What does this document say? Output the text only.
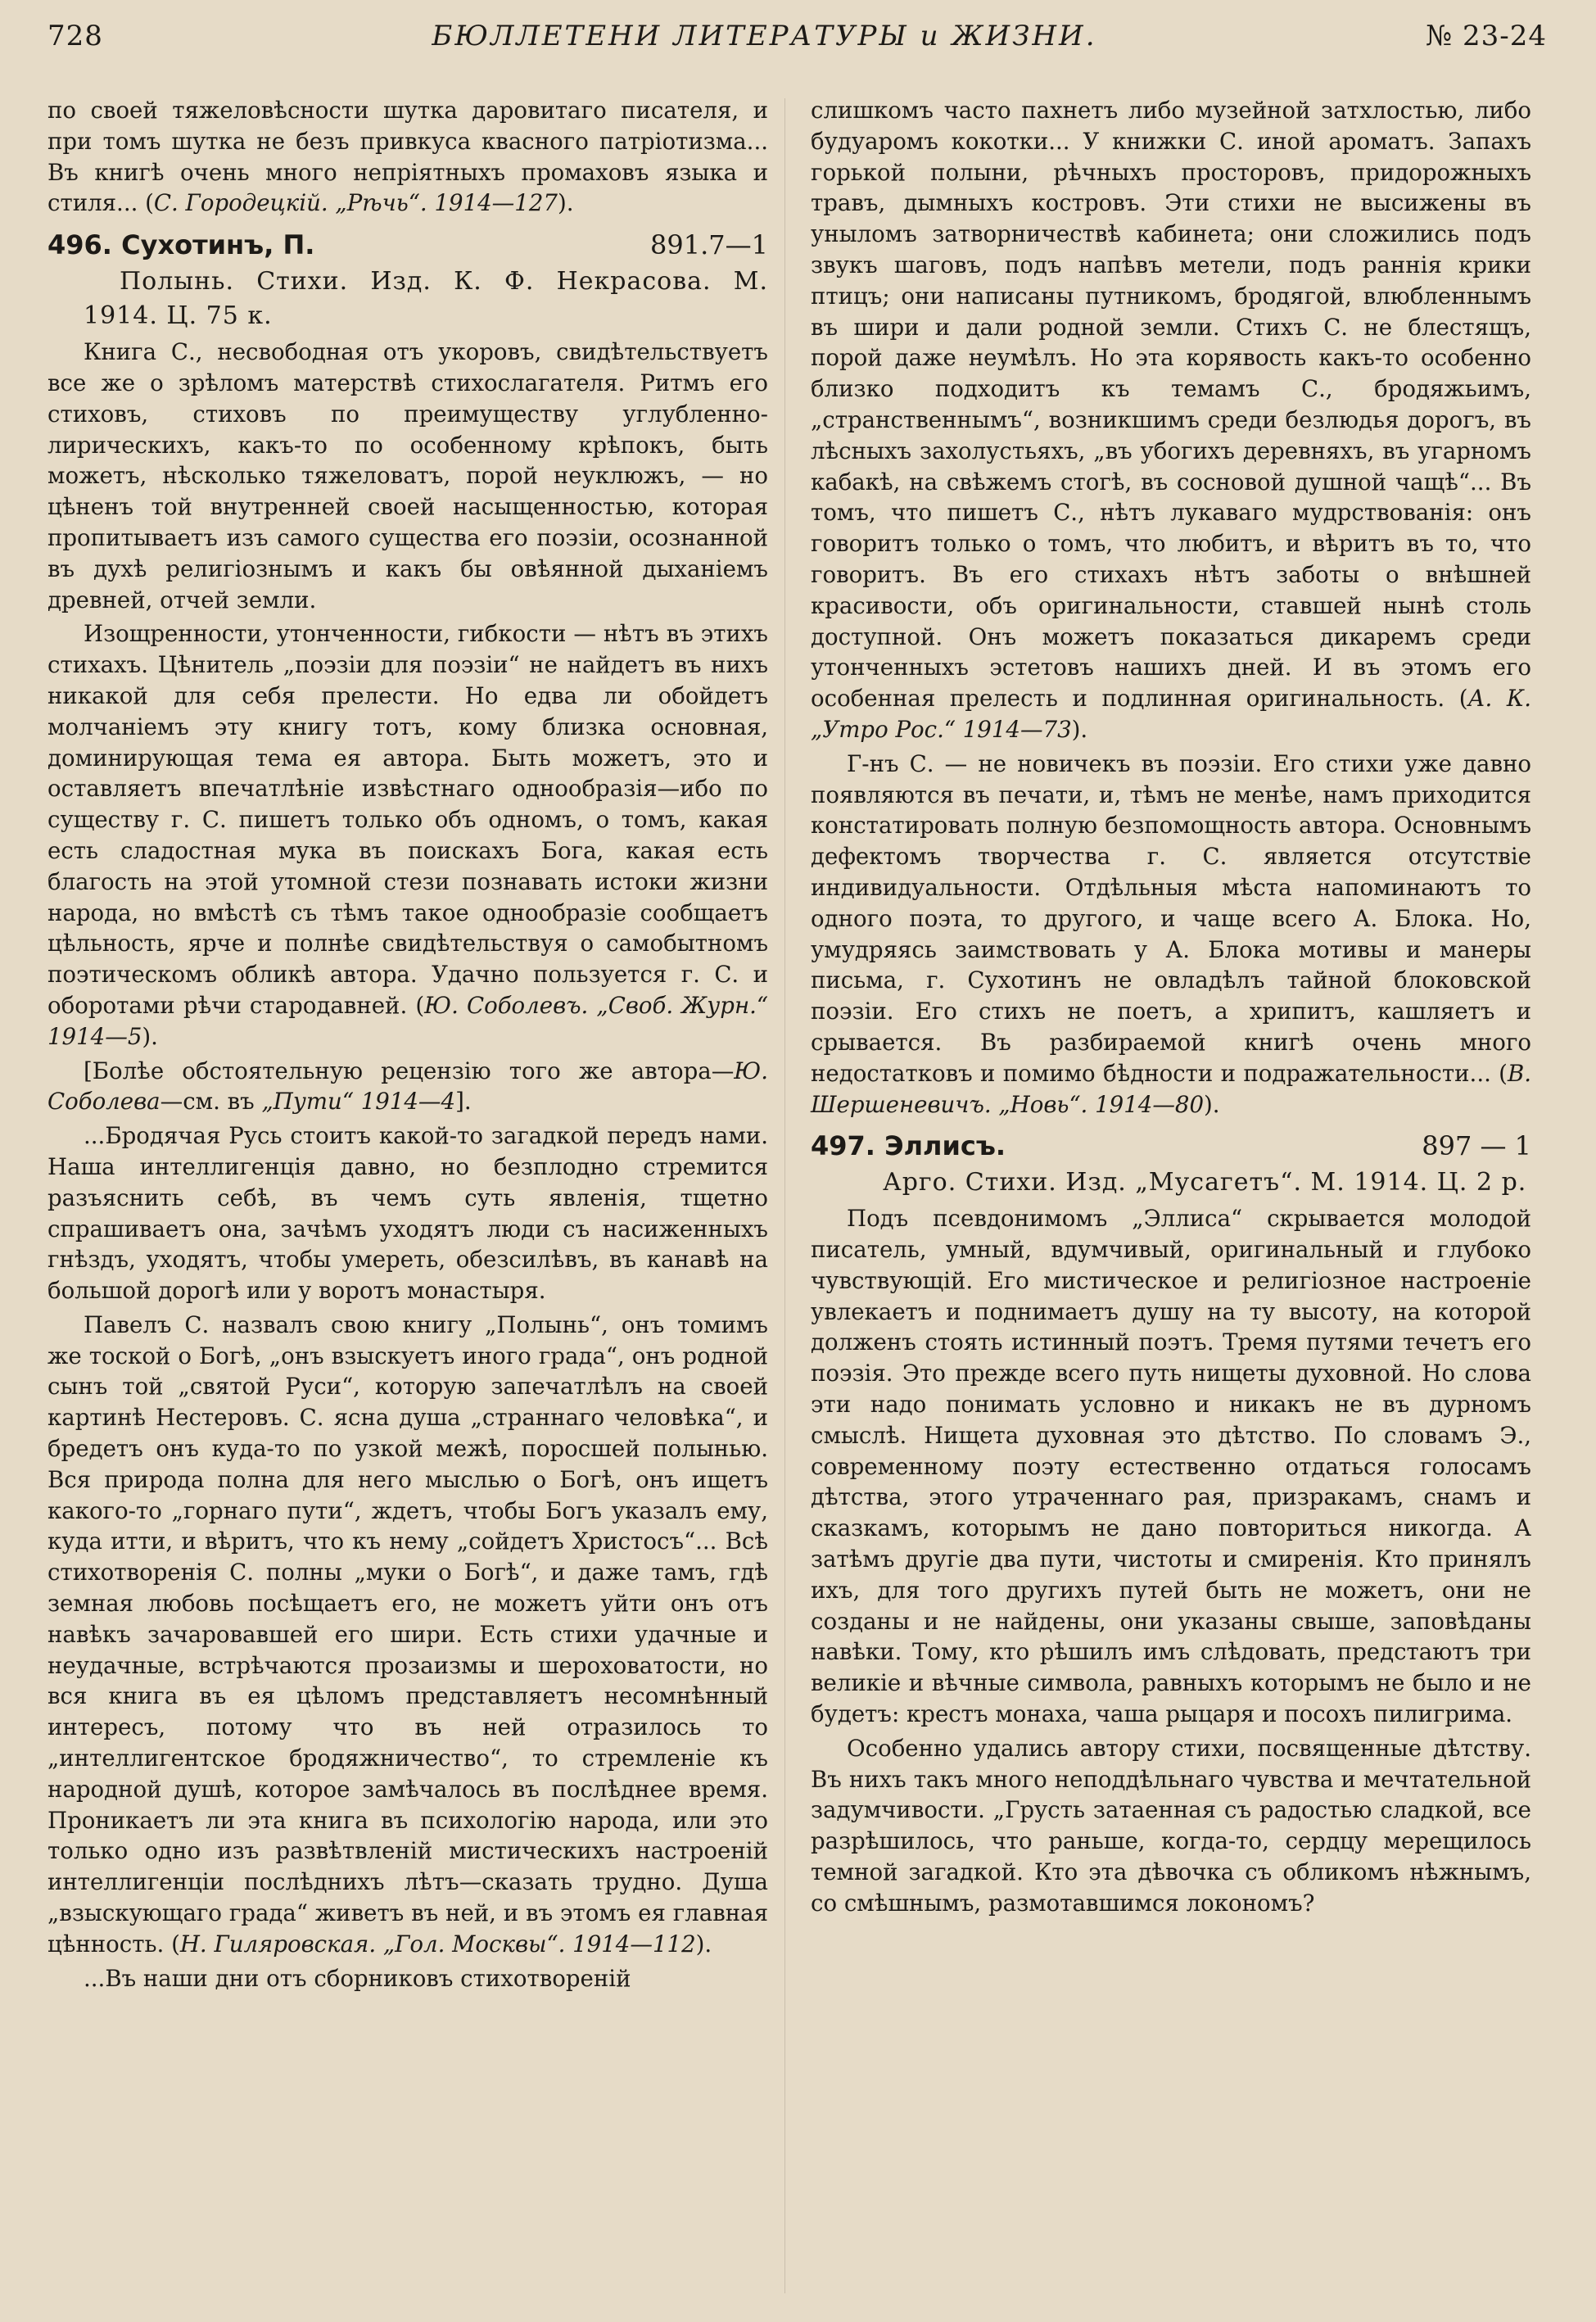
728	БЮЛЛЕТЕНИ ЛИТЕРАТУРЫ и ЖИЗНИ.	№ 23-24

по своей тяжеловѣсности шутка даровитаго писателя, и при томъ шутка не безъ привкуса квасного патріотизма... Въ книгѣ очень много непріятныхъ промаховъ языка и стиля... (С. Городецкій. „Рѣчь“. 1914—127).

496. Сухотинъ, П.	891.7—1

Полынь. Стихи. Изд. К. Ф. Некрасова. М. 1914. Ц. 75 к.

Книга С., несвободная отъ укоровъ, свидѣтельствуетъ все же о зрѣломъ матерствѣ стихослагателя. Ритмъ его стиховъ, стиховъ по преимуществу углубленно-лирическихъ, какъ-то по особенному крѣпокъ, быть можетъ, нѣсколько тяжеловатъ, порой неуклюжъ, — но цѣненъ той внутренней своей насыщенностью, которая пропитываетъ изъ самого существа его поэзіи, осознанной въ духѣ религіознымъ и какъ бы овѣянной дыханіемъ древней, отчей земли.

Изощренности, утонченности, гибкости — нѣтъ въ этихъ стихахъ. Цѣнитель „поэзіи для поэзіи“ не найдетъ въ нихъ никакой для себя прелести. Но едва ли обойдетъ молчаніемъ эту книгу тотъ, кому близка основная, доминирующая тема ея автора. Быть можетъ, это и оставляетъ впечатлѣніе извѣстнаго однообразія—ибо по существу г. С. пишетъ только объ одномъ, о томъ, какая есть сладостная мука въ поискахъ Бога, какая есть благость на этой утомной стези познавать истоки жизни народа, но вмѣстѣ съ тѣмъ такое однообразіе сообщаетъ цѣльность, ярче и полнѣе свидѣтельствуя о самобытномъ поэтическомъ обликѣ автора. Удачно пользуется г. С. и оборотами рѣчи стародавней. (Ю. Соболевъ. „Своб. Журн.“ 1914—5).

[Болѣе обстоятельную рецензію того же автора—Ю. Соболева—см. въ „Пути“ 1914—4].

...Бродячая Русь стоитъ какой-то загадкой передъ нами. Наша интеллигенція давно, но безплодно стремится разъяснить себѣ, въ чемъ суть явленія, тщетно спрашиваетъ она, зачѣмъ уходятъ люди съ насиженныхъ гнѣздъ, уходятъ, чтобы умереть, обезсилѣвъ, въ канавѣ на большой дорогѣ или у воротъ монастыря.

Павелъ С. назвалъ свою книгу „Полынь“, онъ томимъ же тоской о Богѣ, „онъ взыскуетъ иного града“, онъ родной сынъ той „святой Руси“, которую запечатлѣлъ на своей картинѣ Нестеровъ. С. ясна душа „страннаго человѣка“, и бредетъ онъ куда-то по узкой межѣ, поросшей полынью. Вся природа полна для него мыслью о Богѣ, онъ ищетъ какого-то „горнаго пути“, ждетъ, чтобы Богъ указалъ ему, куда итти, и вѣритъ, что къ нему „сойдетъ Христосъ“... Всѣ стихотворенія С. полны „муки о Богѣ“, и даже тамъ, гдѣ земная любовь посѣщаетъ его, не можетъ уйти онъ отъ навѣкъ зачаровавшей его шири. Есть стихи удачные и неудачные, встрѣчаются прозаизмы и шероховатости, но вся книга въ ея цѣломъ представляетъ несомнѣнный интересъ, потому что въ ней отразилось то „интеллигентское бродяжничество“, то стремленіе къ народной душѣ, которое замѣчалось въ послѣднее время. Проникаетъ ли эта книга въ психологію народа, или это только одно изъ развѣтвленій мистическихъ настроеній интеллигенціи послѣднихъ лѣтъ—сказать трудно. Душа „взыскующаго града“ живетъ въ ней, и въ этомъ ея главная цѣнность. (Н. Гиляровская. „Гол. Москвы“. 1914—112).

...Въ наши дни отъ сборниковъ стихотвореній

слишкомъ часто пахнетъ либо музейной затхлостью, либо будуаромъ кокотки... У книжки С. иной ароматъ. Запахъ горькой полыни, рѣчныхъ просторовъ, придорожныхъ травъ, дымныхъ костровъ. Эти стихи не высижены въ уныломъ затворничествѣ кабинета; они сложились подъ звукъ шаговъ, подъ напѣвъ метели, подъ раннія крики птицъ; они написаны путникомъ, бродягой, влюбленнымъ въ шири и дали родной земли. Стихъ С. не блестящъ, порой даже неумѣлъ. Но эта корявость какъ-то особенно близко подходитъ къ темамъ С., бродяжьимъ, „странственнымъ“, возникшимъ среди безлюдья дорогъ, въ лѣсныхъ захолустьяхъ, „въ убогихъ деревняхъ, въ угарномъ кабакѣ, на свѣжемъ стогѣ, въ сосновой душной чащѣ“... Въ томъ, что пишетъ С., нѣтъ лукаваго мудрствованія: онъ говоритъ только о томъ, что любитъ, и вѣритъ въ то, что говоритъ. Въ его стихахъ нѣтъ заботы о внѣшней красивости, объ оригинальности, ставшей нынѣ столь доступной. Онъ можетъ показаться дикаремъ среди утонченныхъ эстетовъ нашихъ дней. И въ этомъ его особенная прелесть и подлинная оригинальность. (А. К. „Утро Рос.“ 1914—73).

Г-нъ С. — не новичекъ въ поэзіи. Его стихи уже давно появляются въ печати, и, тѣмъ не менѣе, намъ приходится констатировать полную безпомощность автора. Основнымъ дефектомъ творчества г. С. является отсутствіе индивидуальности. Отдѣльныя мѣста напоминаютъ то одного поэта, то другого, и чаще всего А. Блока. Но, умудряясь заимствовать у А. Блока мотивы и манеры письма, г. Сухотинъ не овладѣлъ тайной блоковской поэзіи. Его стихъ не поетъ, а хрипитъ, кашляетъ и срывается. Въ разбираемой книгѣ очень много недостатковъ и помимо бѣдности и подражательности... (В. Шершеневичъ. „Новь“. 1914—80).

497. Эллисъ.	897 — 1

Арго. Стихи. Изд. „Мусагетъ“. М. 1914. Ц. 2 р.

Подъ псевдонимомъ „Эллиса“ скрывается молодой писатель, умный, вдумчивый, оригинальный и глубоко чувствующій. Его мистическое и религіозное настроеніе увлекаетъ и поднимаетъ душу на ту высоту, на которой долженъ стоять истинный поэтъ. Тремя путями течетъ его поэзія. Это прежде всего путь нищеты духовной. Но слова эти надо понимать условно и никакъ не въ дурномъ смыслѣ. Нищета духовная это дѣтство. По словамъ Э., современному поэту естественно отдаться голосамъ дѣтства, этого утраченнаго рая, призракамъ, снамъ и сказкамъ, которымъ не дано повториться никогда. А затѣмъ другіе два пути, чистоты и смиренія. Кто принялъ ихъ, для того другихъ путей быть не можетъ, они не созданы и не найдены, они указаны свыше, заповѣданы навѣки. Тому, кто рѣшилъ имъ слѣдовать, предстаютъ три великіе и вѣчные символа, равныхъ которымъ не было и не будетъ: крестъ монаха, чаша рыцаря и посохъ пилигрима.

Особенно удались автору стихи, посвященные дѣтству. Въ нихъ такъ много неподдѣльнаго чувства и мечтательной задумчивости. „Грусть затаенная съ радостью сладкой, все разрѣшилось, что раньше, когда-то, сердцу мерещилось темной загадкой. Кто эта дѣвочка съ обликомъ нѣжнымъ, со смѣшнымъ, размотавшимся локономъ?
